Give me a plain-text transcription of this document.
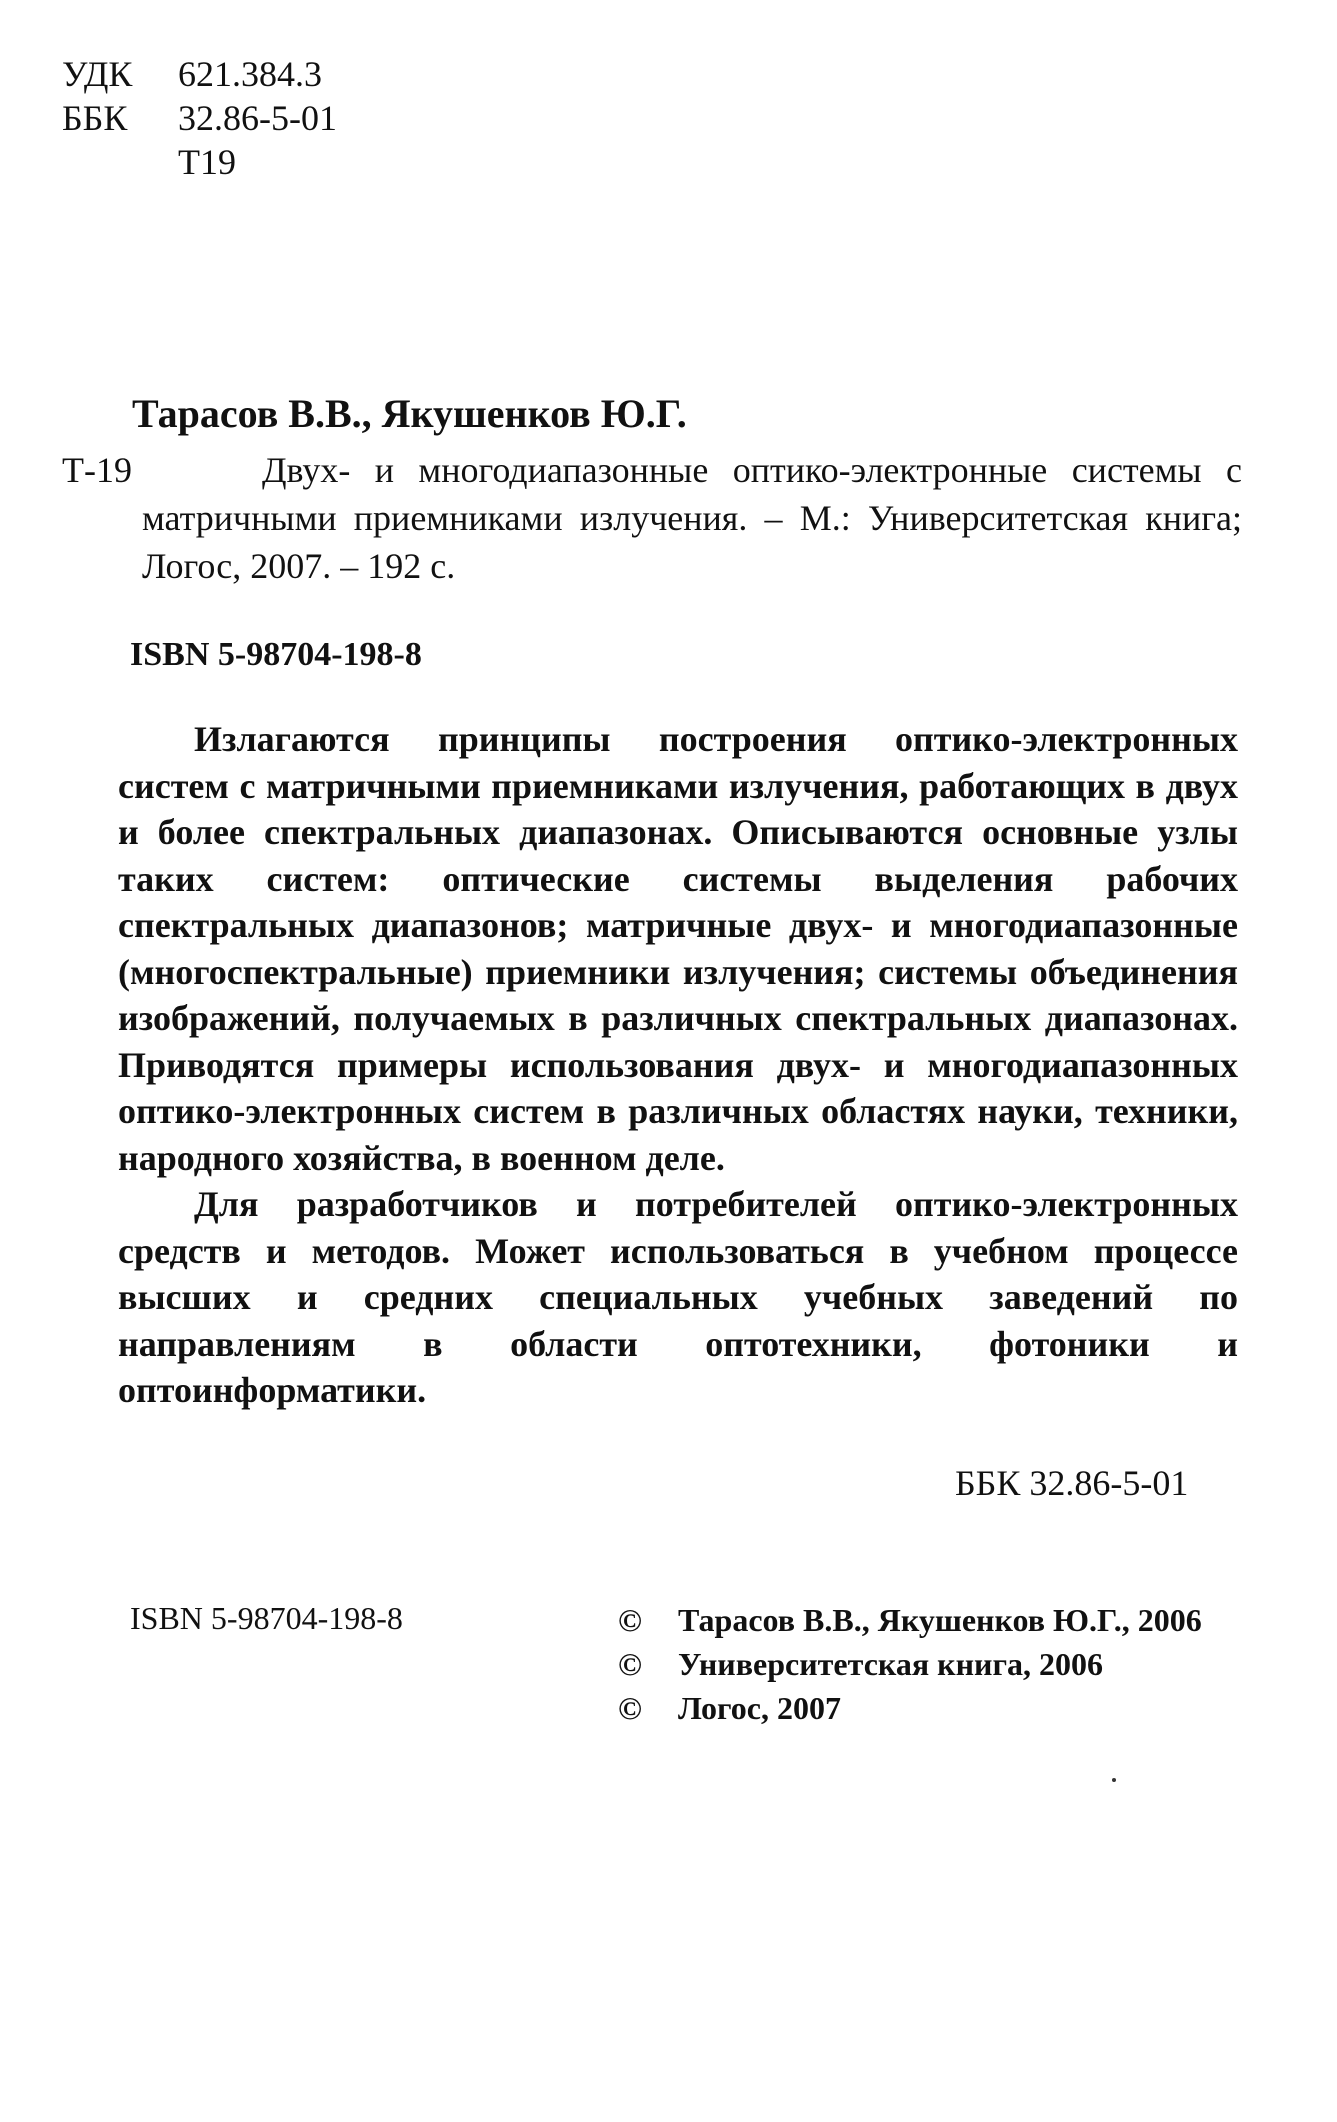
УДК	621.384.3
ББК	32.86-5-01
Т19
Тарасов В.В., Якушенков Ю.Г.
Т-19	Двух- и многодиапазонные оптико-электронные системы с матричными приемниками излучения. – М.: Университетская книга; Логос, 2007. – 192 с.
ISBN 5-98704-198-8

Излагаются принципы построения оптико-электронных систем с матричными приемниками излучения, работающих в двух и более спектральных диапазонах. Описываются основные узлы таких систем: оптические системы выделения рабочих спектральных диапазонов; матричные двух- и многодиапазонные (многоспектральные) приемники излучения; системы объединения изображений, получаемых в различных спектральных диапазонах. Приводятся примеры использования двух- и многодиапазонных оптико-электронных систем в различных областях науки, техники, народного хозяйства, в военном деле.

Для разработчиков и потребителей оптико-электронных средств и методов. Может использоваться в учебном процессе высших и средних специальных учебных заведений по направлениям в области оптотехники, фотоники и оптоинформатики.

ББК 32.86-5-01
ISBN 5-98704-198-8	©	Тарасов В.В., Якушенков Ю.Г., 2006
©	Университетская книга, 2006
©	Логос, 2007
